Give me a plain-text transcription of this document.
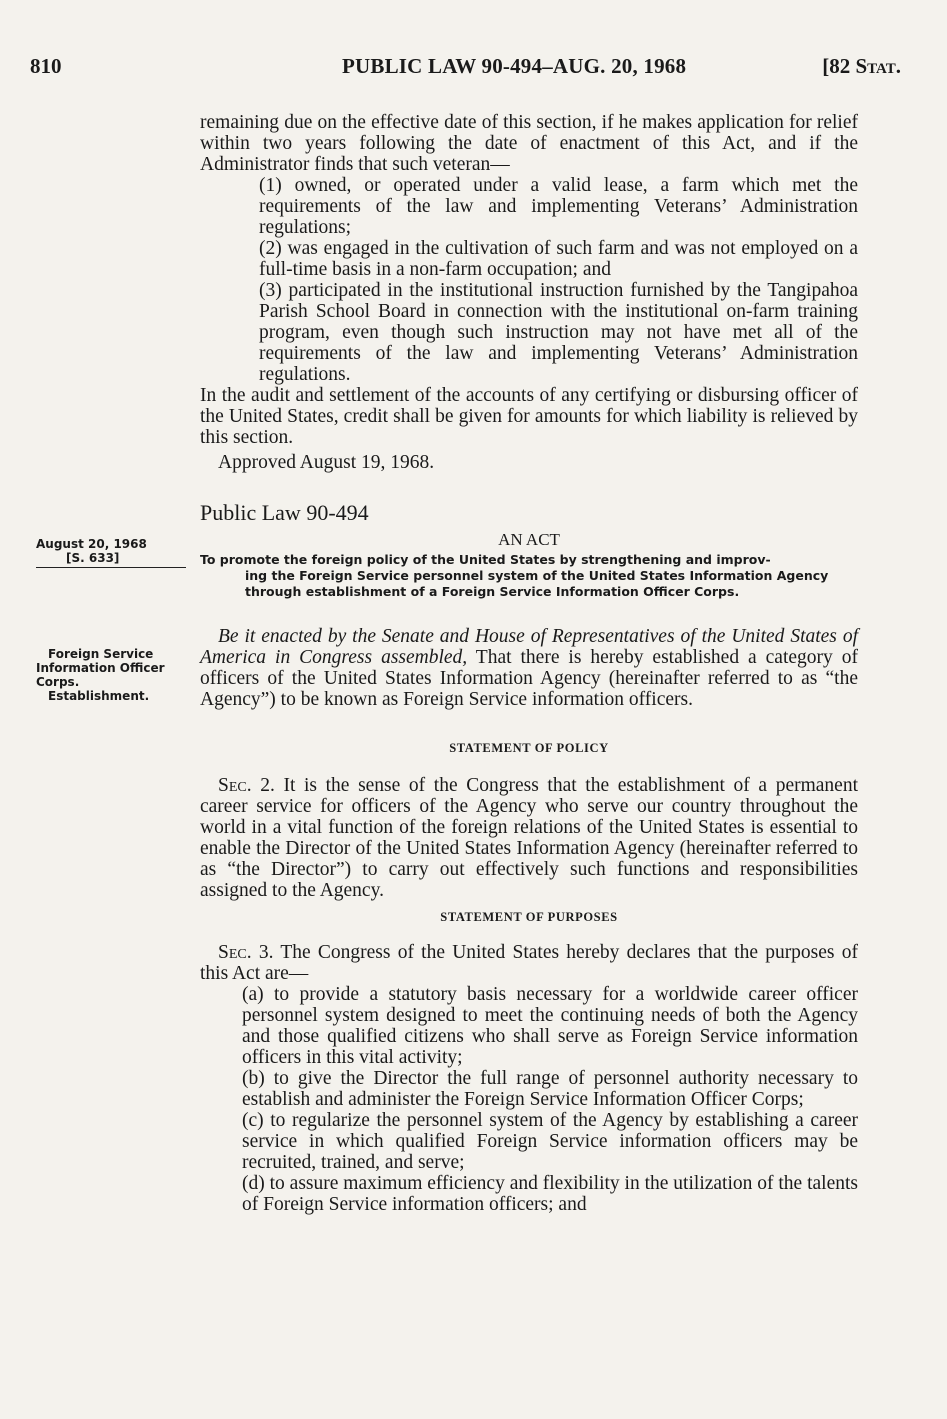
810	PUBLIC LAW 90-494–AUG. 20, 1968	[82 Stat.

remaining due on the effective date of this section, if he makes application for relief within two years following the date of enactment of this Act, and if the Administrator finds that such veteran—

(1) owned, or operated under a valid lease, a farm which met the requirements of the law and implementing Veterans’ Administration regulations;

(2) was engaged in the cultivation of such farm and was not employed on a full-time basis in a non-farm occupation; and

(3) participated in the institutional instruction furnished by the Tangipahoa Parish School Board in connection with the institutional on-farm training program, even though such instruction may not have met all of the requirements of the law and implementing Veterans’ Administration regulations.

In the audit and settlement of the accounts of any certifying or disbursing officer of the United States, credit shall be given for amounts for which liability is relieved by this section.

Approved August 19, 1968.

Public Law 90-494
AN ACT
August 20, 1968
[S. 633]	To promote the foreign policy of the United States by strengthening and improv-
ing the Foreign Service personnel system of the United States Information Agency through establishment of a Foreign Service Information Officer Corps.
Foreign Service
Information Officer
Corps.
Establishment.

Be it enacted by the Senate and House of Representatives of the United States of America in Congress assembled, That there is hereby established a category of officers of the United States Information Agency (hereinafter referred to as “the Agency”) to be known as Foreign Service information officers.

STATEMENT OF POLICY

Sec. 2. It is the sense of the Congress that the establishment of a permanent career service for officers of the Agency who serve our country throughout the world in a vital function of the foreign relations of the United States is essential to enable the Director of the United States Information Agency (hereinafter referred to as “the Director”) to carry out effectively such functions and responsibilities assigned to the Agency.

STATEMENT OF PURPOSES

Sec. 3. The Congress of the United States hereby declares that the purposes of this Act are—

(a) to provide a statutory basis necessary for a worldwide career officer personnel system designed to meet the continuing needs of both the Agency and those qualified citizens who shall serve as Foreign Service information officers in this vital activity;

(b) to give the Director the full range of personnel authority necessary to establish and administer the Foreign Service Information Officer Corps;

(c) to regularize the personnel system of the Agency by establishing a career service in which qualified Foreign Service information officers may be recruited, trained, and serve;

(d) to assure maximum efficiency and flexibility in the utilization of the talents of Foreign Service information officers; and
